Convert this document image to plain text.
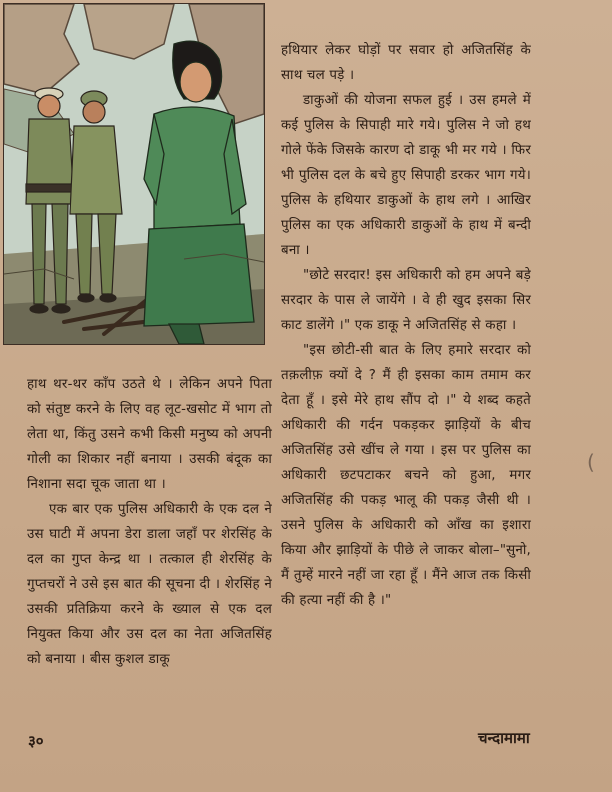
हथियार लेकर घोड़ों पर सवार हो अजितसिंह के साथ चल पड़े ।

डाकुओं की योजना सफल हुई । उस हमले में कई पुलिस के सिपाही मारे गये। पुलिस ने जो हथ गोले फेंके जिसके कारण दो डाकू भी मर गये । फिर भी पुलिस दल के बचे हुए सिपाही डरकर भाग गये। पुलिस के हथियार डाकुओं के हाथ लगे । आखिर पुलिस का एक अधिकारी डाकुओं के हाथ में बन्दी बना ।

"छोटे सरदार! इस अधिकारी को हम अपने बड़े सरदार के पास ले जायेंगे । वे ही खुद इसका सिर काट डालेंगे ।" एक डाकू ने अजितसिंह से कहा ।

"इस छोटी-सी बात के लिए हमारे सरदार को तक़लीफ़ क्यों दे ? मैं ही इसका काम तमाम कर देता हूँ । इसे मेरे हाथ सौंप दो ।" ये शब्द कहते अधिकारी की गर्दन पकड़कर झाड़ियों के बीच अजितसिंह उसे खींच ले गया । इस पर पुलिस का अधिकारी छटपटाकर बचने को हुआ, मगर अजितसिंह की पकड़ भालू की पकड़ जैसी थी । उसने पुलिस के अधिकारी को आँख का इशारा किया और झाड़ियों के पीछे ले जाकर बोला–"सुनो, मैं तुम्हें मारने नहीं जा रहा हूँ । मैंने आज तक किसी की हत्या नहीं की है ।"

हाथ थर-थर काँप उठते थे । लेकिन अपने पिता को संतुष्ट करने के लिए वह लूट-खसोट में भाग तो लेता था, किंतु उसने कभी किसी मनुष्य को अपनी गोली का शिकार नहीं बनाया । उसकी बंदूक का निशाना सदा चूक जाता था ।

एक बार एक पुलिस अधिकारी के एक दल ने उस घाटी में अपना डेरा डाला जहाँ पर शेरसिंह के दल का गुप्त केन्द्र था । तत्काल ही शेरसिंह के गुप्तचरों ने उसे इस बात की सूचना दी । शेरसिंह ने उसकी प्रतिक्रिया करने के ख्याल से एक दल नियुक्त किया और उस दल का नेता अजितसिंह को बनाया । बीस कुशल डाकू

(
३०	चन्दामामा
